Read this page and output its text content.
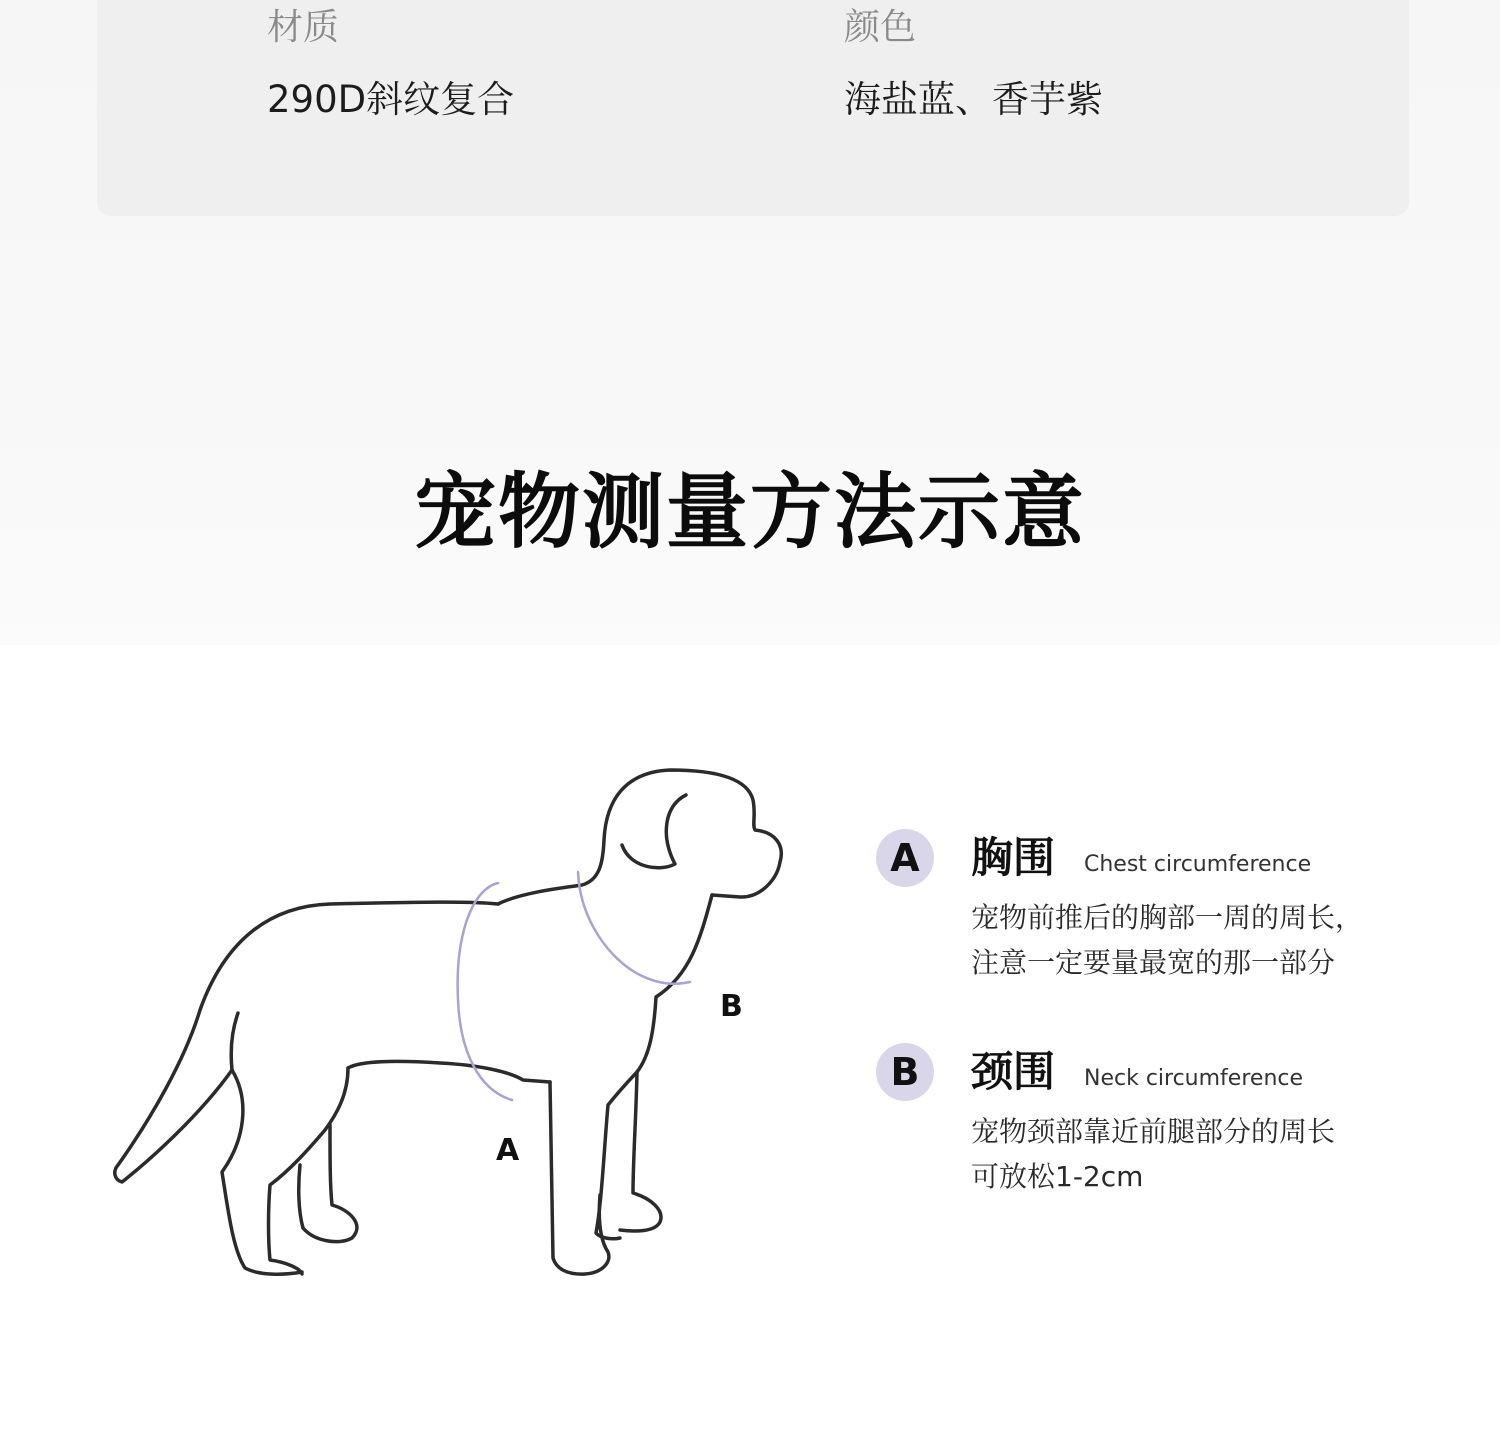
材质
290D斜纹复合
颜色
海盐蓝、香芋紫
宠物测量方法示意
A
B
A	胸围 Chest circumference
宠物前推后的胸部一周的周长，
注意一定要量最宽的那一部分
B	颈围 Neck circumference
宠物颈部靠近前腿部分的周长
可放松1-2cm
